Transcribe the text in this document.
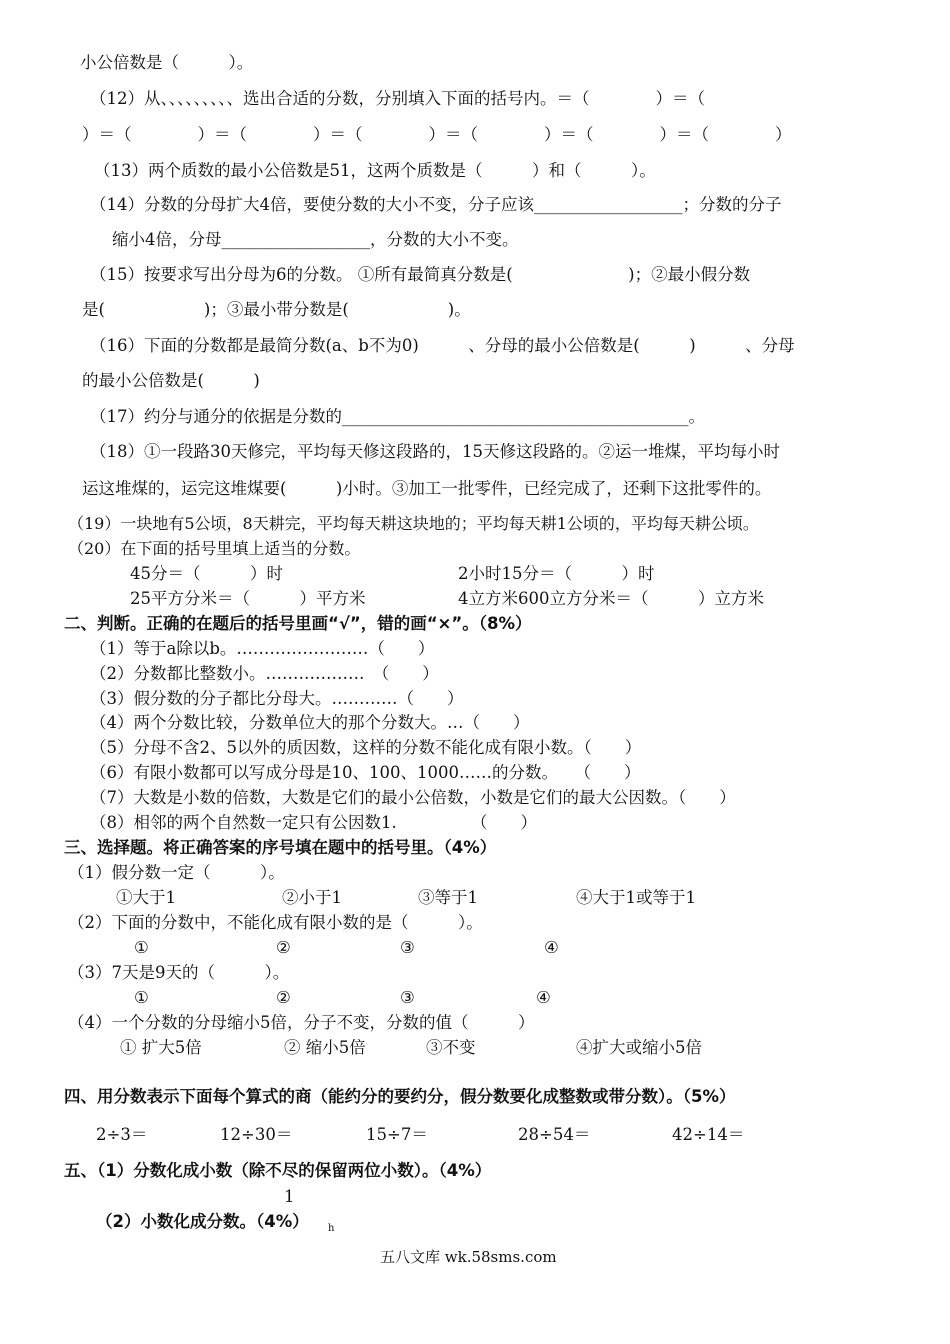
小公倍数是（　　　）。
（12）从、、、、、、、、、选出合适的分数，分别填入下面的括号内。＝（　　　　）＝（
）＝（　　　　）＝（　　　　）＝（　　　　）＝（　　　　）＝（　　　　）＝（　　　　）
（13）两个质数的最小公倍数是51，这两个质数是（　　　）和（　　　）。
（14）分数的分母扩大4倍，要使分数的大小不变，分子应该__________________；分数的分子
缩小4倍，分母__________________，分数的大小不变。
（15）按要求写出分母为6的分数。 ①所有最简真分数是(　　　　　　　)；②最小假分数
是(　　　　　　)；③最小带分数是(　　　　　　)。
（16）下面的分数都是最简分数(a、b不为0)　　　、分母的最小公倍数是(　　　)　　　、分母
的最小公倍数是(　　　)
（17）约分与通分的依据是分数的__________________________________________。
（18）①一段路30天修完，平均每天修这段路的，15天修这段路的。②运一堆煤，平均每小时
运这堆煤的，运完这堆煤要(　　　)小时。③加工一批零件，已经完成了，还剩下这批零件的。
（19）一块地有5公顷，8天耕完，平均每天耕这块地的；平均每天耕1公顷的，平均每天耕公顷。
（20）在下面的括号里填上适当的分数。
45分＝（　　　）时	2小时15分＝（　　　）时
25平方分米＝（　　　）平方米	4立方米600立方分米＝（　　　）立方米
二、判断。正确的在题后的括号里画“√”，错的画“×”。（8%）
（1）等于a除以b。……………………（　　）
（2）分数都比整数小。………………　（　　）
（3）假分数的分子都比分母大。…………（　　）
（4）两个分数比较，分数单位大的那个分数大。…（　　）
（5）分母不含2、5以外的质因数，这样的分数不能化成有限小数。（　　）
（6）有限小数都可以写成分母是10、100、1000……的分数。　　（　　）
（7）大数是小数的倍数，大数是它们的最小公倍数，小数是它们的最大公因数。（　　）
（8）相邻的两个自然数一定只有公因数1.　　　　　（　　）
三、选择题。将正确答案的序号填在题中的括号里。（4%）
（1）假分数一定（　　　）。
①大于1	②小于1	③等于1	④大于1或等于1
（2）下面的分数中，不能化成有限小数的是（　　　）。
①	②	③	④
（3）7天是9天的（　　　）。
①	②	③	④
（4）一个分数的分母缩小5倍，分子不变，分数的值（　　　）
① 扩大5倍	② 缩小5倍	③不变	④扩大或缩小5倍
四、用分数表示下面每个算式的商（能约分的要约分，假分数要化成整数或带分数）。（5%）
2÷3＝	12÷30＝	15÷7＝	28÷54＝	42÷14＝
五、（1）分数化成小数（除不尽的保留两位小数）。（4%）
1
（2）小数化成分数。（4%） h
五八文库 wk.58sms.com
